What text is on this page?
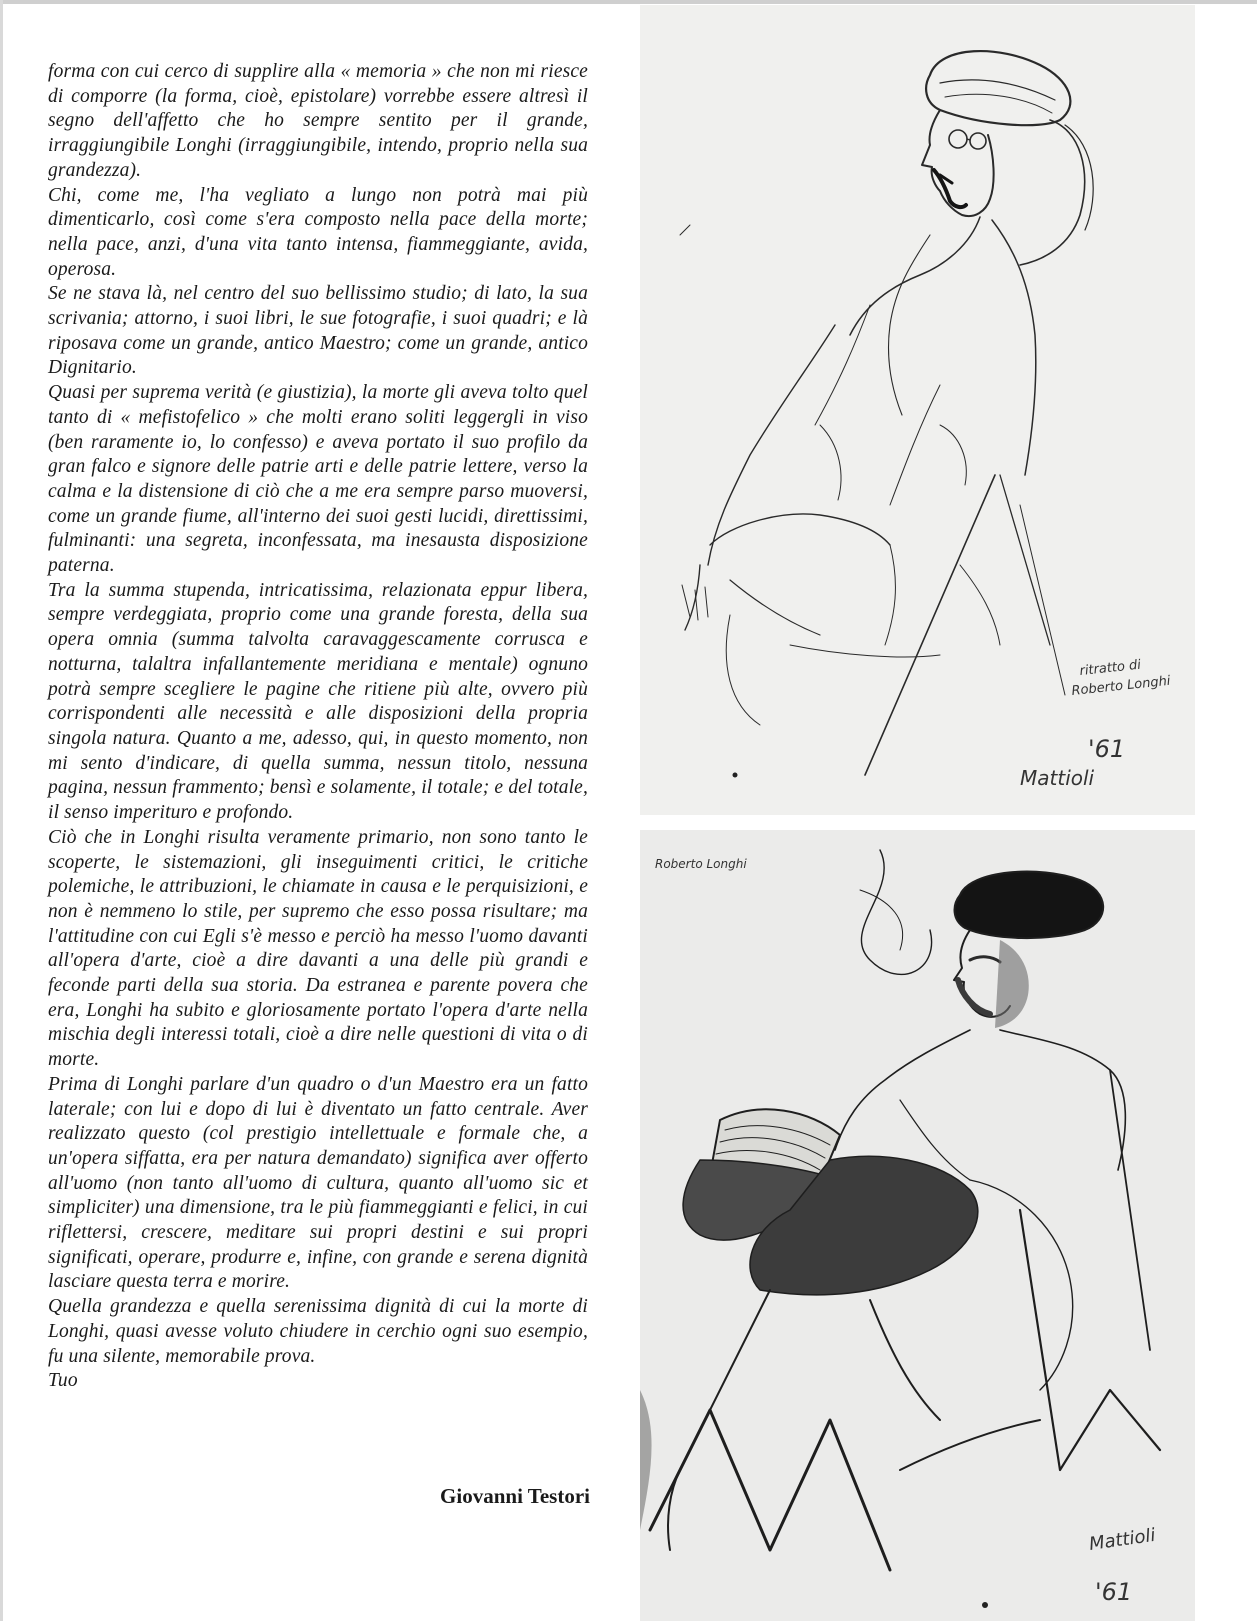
forma con cui cerco di supplire alla « memoria » che non mi riesce di comporre (la forma, cioè, epistolare) vorrebbe essere altresì il segno dell'affetto che ho sempre sentito per il grande, irraggiungibile Longhi (irraggiungibile, intendo, proprio nella sua grandezza).

Chi, come me, l'ha vegliato a lungo non potrà mai più dimenticarlo, così come s'era composto nella pace della morte; nella pace, anzi, d'una vita tanto intensa, fiammeggiante, avida, operosa.

Se ne stava là, nel centro del suo bellissimo studio; di lato, la sua scrivania; attorno, i suoi libri, le sue fotografie, i suoi quadri; e là riposava come un grande, antico Maestro; come un grande, antico Dignitario.

Quasi per suprema verità (e giustizia), la morte gli aveva tolto quel tanto di « mefistofelico » che molti erano soliti leggergli in viso (ben raramente io, lo confesso) e aveva portato il suo profilo da gran falco e signore delle patrie arti e delle patrie lettere, verso la calma e la distensione di ciò che a me era sempre parso muoversi, come un grande fiume, all'interno dei suoi gesti lucidi, direttissimi, fulminanti: una segreta, inconfessata, ma inesausta disposizione paterna.

Tra la summa stupenda, intricatissima, relazionata eppur libera, sempre verdeggiata, proprio come una grande foresta, della sua opera omnia (summa talvolta caravaggescamente corrusca e notturna, talaltra infallantemente meridiana e mentale) ognuno potrà sempre scegliere le pagine che ritiene più alte, ovvero più corrispondenti alle necessità e alle disposizioni della propria singola natura. Quanto a me, adesso, qui, in questo momento, non mi sento d'indicare, di quella summa, nessun titolo, nessuna pagina, nessun frammento; bensì e solamente, il totale; e del totale, il senso imperituro e profondo.

Ciò che in Longhi risulta veramente primario, non sono tanto le scoperte, le sistemazioni, gli inseguimenti critici, le critiche polemiche, le attribuzioni, le chiamate in causa e le perquisizioni, e non è nemmeno lo stile, per supremo che esso possa risultare; ma l'attitudine con cui Egli s'è messo e perciò ha messo l'uomo davanti all'opera d'arte, cioè a dire davanti a una delle più grandi e feconde parti della sua storia. Da estranea e parente povera che era, Longhi ha subito e gloriosamente portato l'opera d'arte nella mischia degli interessi totali, cioè a dire nelle questioni di vita o di morte.

Prima di Longhi parlare d'un quadro o d'un Maestro era un fatto laterale; con lui e dopo di lui è diventato un fatto centrale. Aver realizzato questo (col prestigio intellettuale e formale che, a un'opera siffatta, era per natura demandato) significa aver offerto all'uomo (non tanto all'uomo di cultura, quanto all'uomo sic et simpliciter) una dimensione, tra le più fiammeggianti e felici, in cui riflettersi, crescere, meditare sui propri destini e sui propri significati, operare, produrre e, infine, con grande e serena dignità lasciare questa terra e morire.

Quella grandezza e quella serenissima dignità di cui la morte di Longhi, quasi avesse voluto chiudere in cerchio ogni suo esempio, fu una silente, memorabile prova.

Tuo

Giovanni Testori
ritratto di
Roberto Longhi
'61
Mattioli
Roberto Longhi
Mattioli
'61
